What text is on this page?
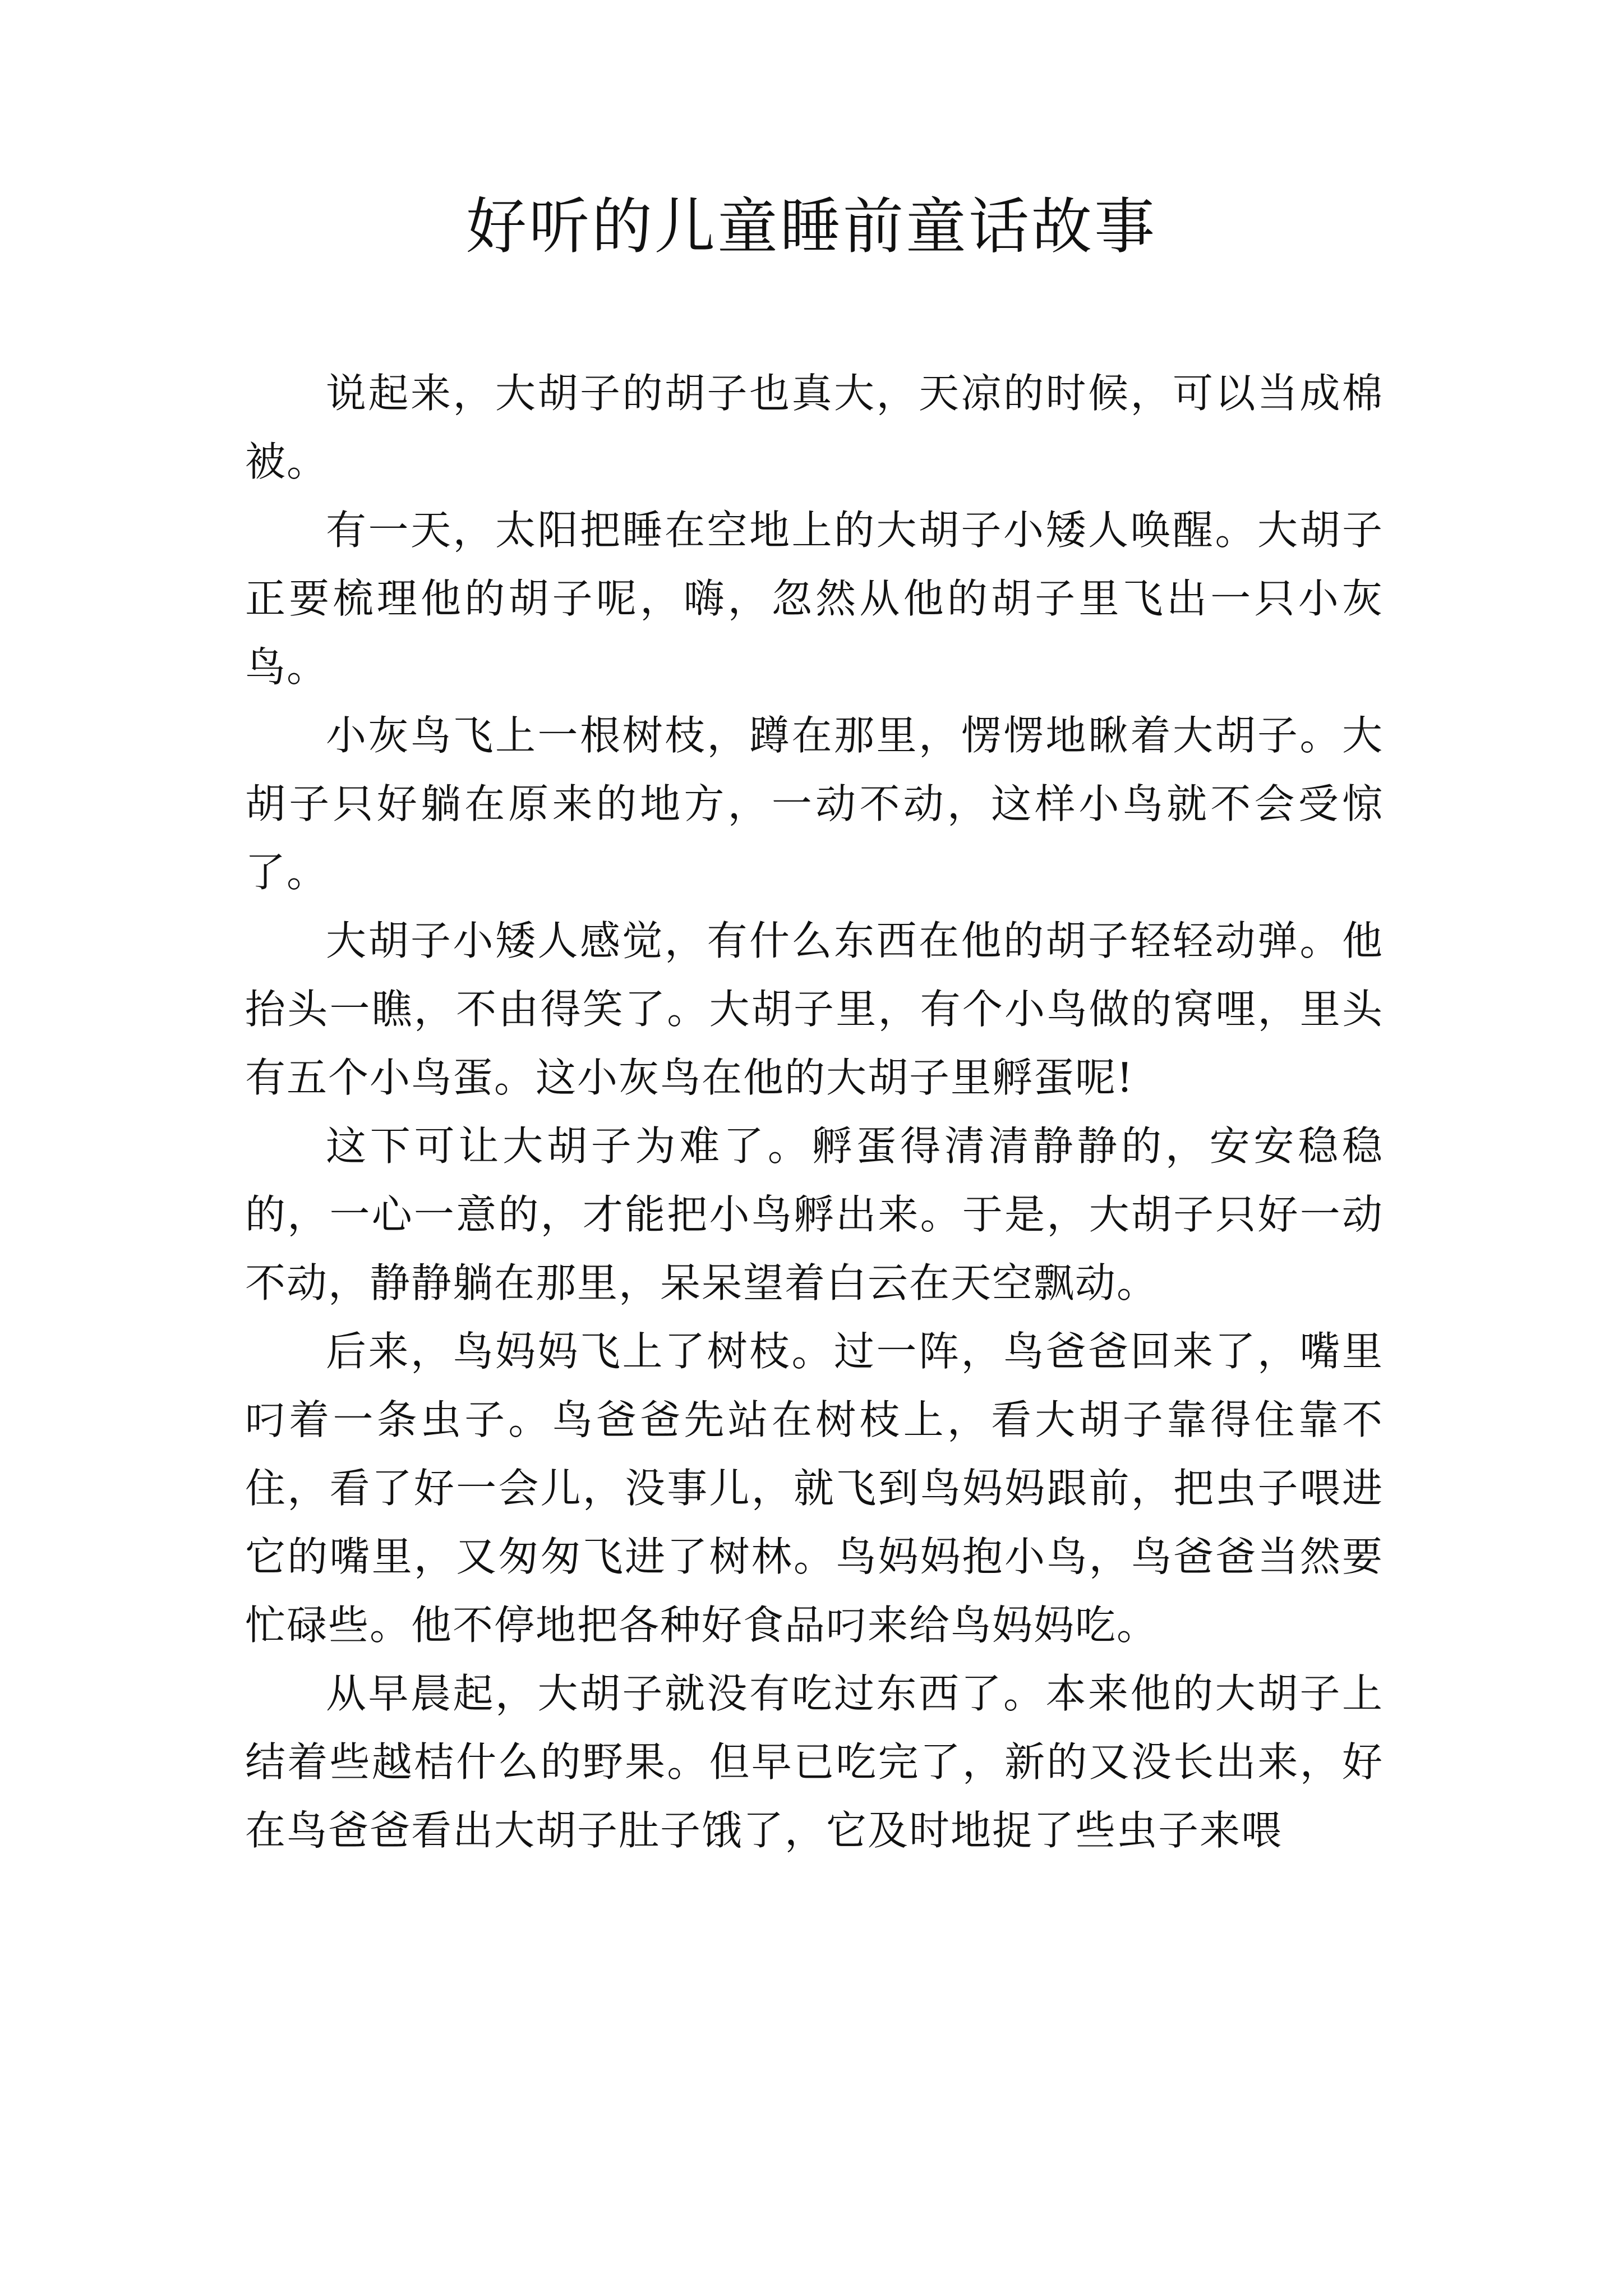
好听的儿童睡前童话故事

说起来，大胡子的胡子也真大，天凉的时候，可以当成棉被。

有一天，太阳把睡在空地上的大胡子小矮人唤醒。大胡子正要梳理他的胡子呢，嗨，忽然从他的胡子里飞出一只小灰鸟。

小灰鸟飞上一根树枝，蹲在那里，愣愣地瞅着大胡子。大胡子只好躺在原来的地方，一动不动，这样小鸟就不会受惊了。

大胡子小矮人感觉，有什么东西在他的胡子轻轻动弹。他抬头一瞧，不由得笑了。大胡子里，有个小鸟做的窝哩，里头有五个小鸟蛋。这小灰鸟在他的大胡子里孵蛋呢!

这下可让大胡子为难了。孵蛋得清清静静的，安安稳稳的，一心一意的，才能把小鸟孵出来。于是，大胡子只好一动不动，静静躺在那里，呆呆望着白云在天空飘动。

后来，鸟妈妈飞上了树枝。过一阵，鸟爸爸回来了，嘴里叼着一条虫子。鸟爸爸先站在树枝上，看大胡子靠得住靠不住，看了好一会儿，没事儿，就飞到鸟妈妈跟前，把虫子喂进它的嘴里，又匆匆飞进了树林。鸟妈妈抱小鸟，鸟爸爸当然要忙碌些。他不停地把各种好食品叼来给鸟妈妈吃。

从早晨起，大胡子就没有吃过东西了。本来他的大胡子上结着些越桔什么的野果。但早已吃完了，新的又没长出来，好在鸟爸爸看出大胡子肚子饿了，它及时地捉了些虫子来喂
